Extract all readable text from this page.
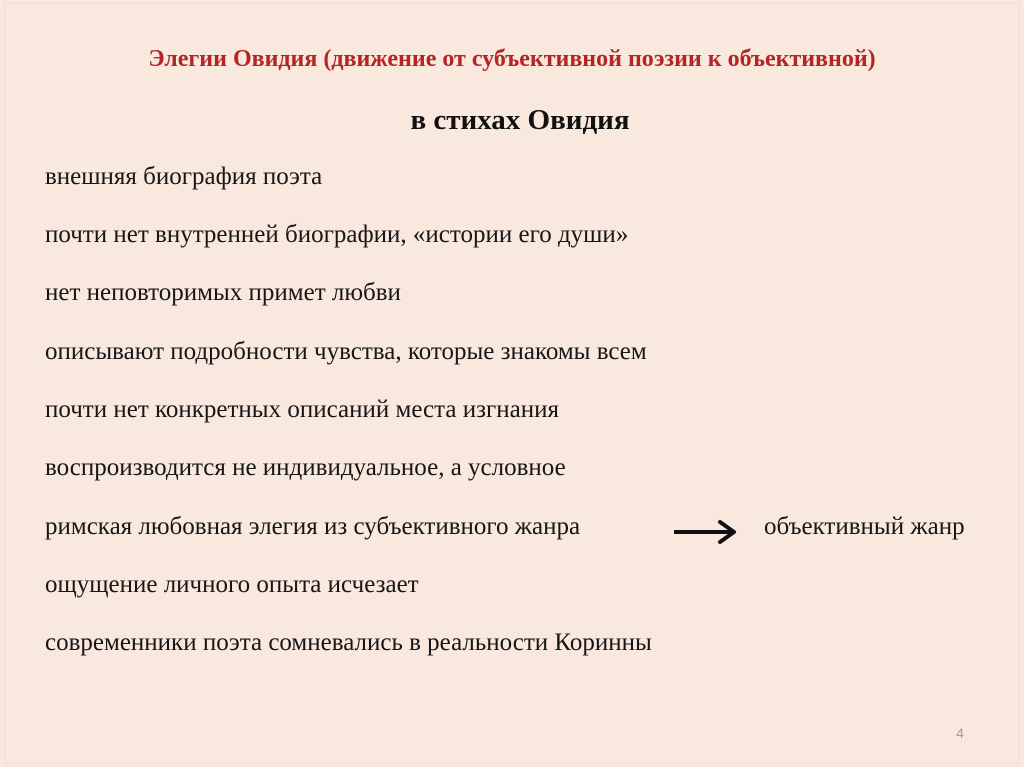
Элегии Овидия (движение от субъективной поэзии к объективной)
в стихах Овидия
внешняя биография поэта
почти нет внутренней биографии, «истории его души»
нет неповторимых примет любви
описывают подробности чувства, которые знакомы всем
почти нет конкретных описаний места изгнания
воспроизводится не индивидуальное, а условное
римская любовная элегия из субъективного жанра	объективный жанр
ощущение личного опыта исчезает
современники поэта сомневались в реальности Коринны
4
